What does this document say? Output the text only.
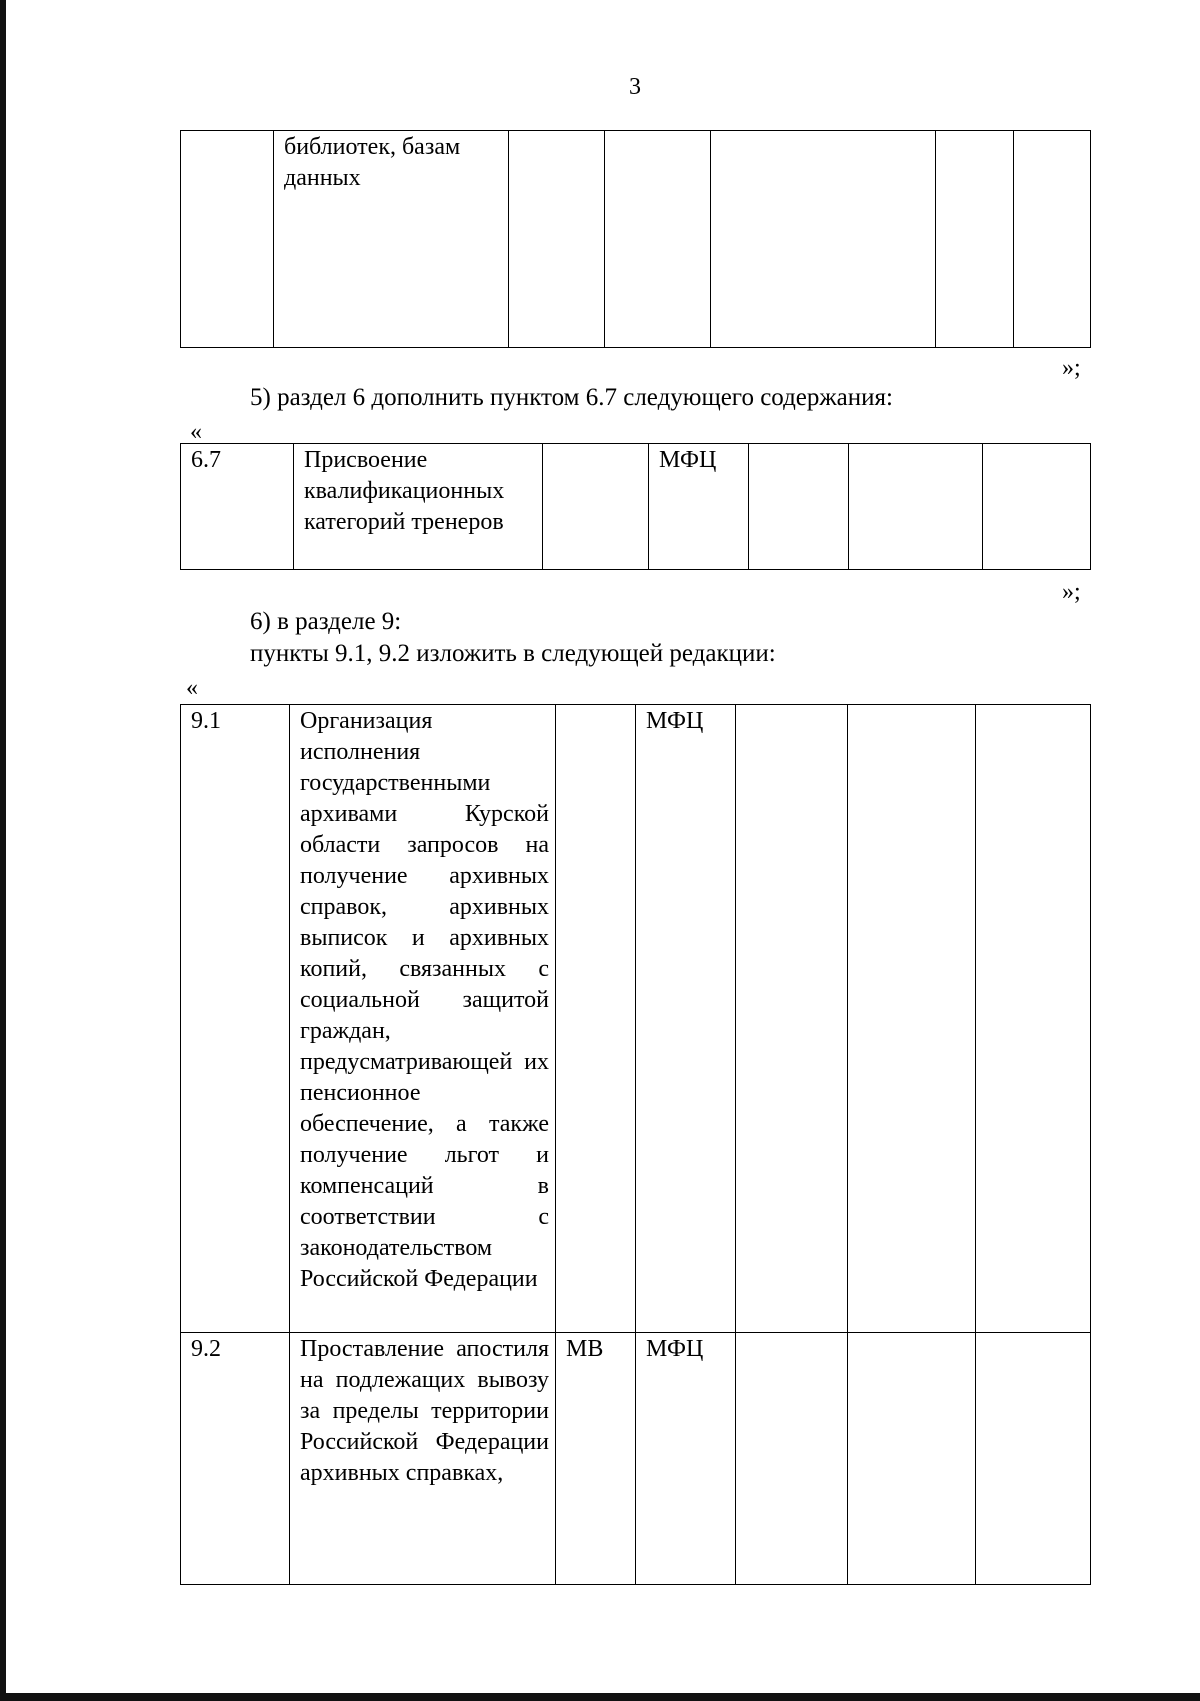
3
	библиотек, базам данных					
»;
5) раздел 6 дополнить пунктом 6.7 следующего содержания:
«
6.7	Присвоение квалификационных категорий тренеров		МФЦ			
»;
6) в разделе 9:
пункты 9.1, 9.2 изложить в следующей редакции:
«
9.1	Организация исполнения государственными архивами Курской области запросов на получение архивных справок, архивных выписок и архивных копий, связанных с социальной защитой граждан, предусматривающей их пенсионное обеспечение, а также получение льгот и компенсаций в соответствии с законодательством Российской Федерации		МФЦ			
9.2	Проставление апостиля на подлежащих вывозу за пределы территории Российской Федерации архивных справках,	МВ	МФЦ			
